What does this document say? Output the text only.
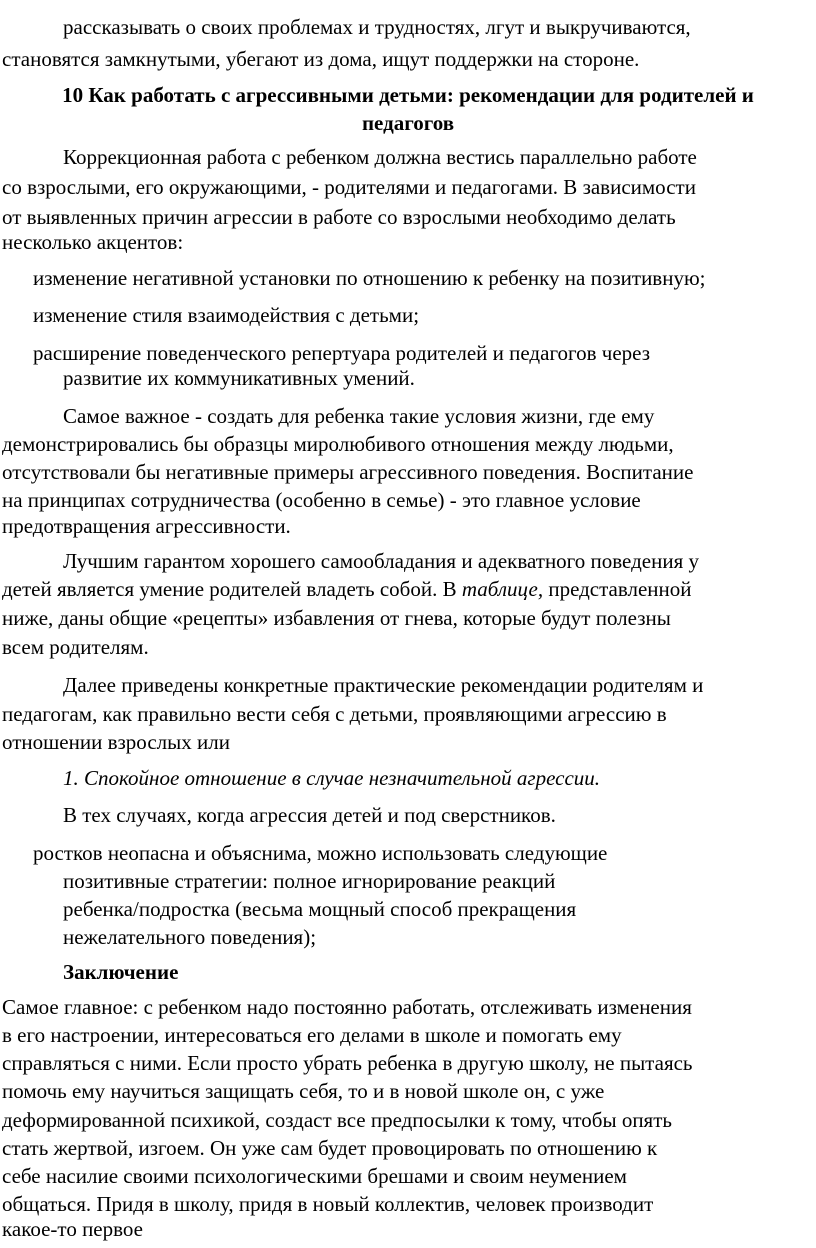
рассказывать о своих проблемах и трудностях, лгут и выкручиваются,
становятся замкнутыми, убегают из дома, ищут поддержки на стороне.
10 Как работать с агрессивными детьми: рекомендации для родителей и
педагогов
Коррекционная работа с ребенком должна вестись параллельно работе
со взрослыми, его окружающими, - родителями и педагогами. В зависимости
от выявленных причин агрессии в работе со взрослыми необходимо делать
несколько акцентов:
изменение негативной установки по отношению к ребенку на позитивную;
изменение стиля взаимодействия с детьми;
расширение поведенческого репертуара родителей и педагогов через
развитие их коммуникативных умений.
Самое важное - создать для ребенка такие условия жизни, где ему
демонстрировались бы образцы миролюбивого отношения между людьми,
отсутствовали бы негативные примеры агрессивного поведения. Воспитание
на принципах сотрудничества (особенно в семье) - это главное условие
предотвращения агрессивности.
Лучшим гарантом хорошего самообладания и адекватного поведения у
детей является умение родителей владеть собой. В таблице, представленной
ниже, даны общие «рецепты» избавления от гнева, которые будут полезны
всем родителям.
Далее приведены конкретные практические рекомендации родителям и
педагогам, как правильно вести себя с детьми, проявляющими агрессию в
отношении взрослых или
1. Спокойное отношение в случае незначительной агрессии.
В тех случаях, когда агрессия детей и под сверстников.
ростков неопасна и объяснима, можно использовать следующие
позитивные стратегии: полное игнорирование реакций
ребенка/подростка (весьма мощный способ прекращения
нежелательного поведения);
Заключение
Самое главное: с ребенком надо постоянно работать, отслеживать изменения
в его настроении, интересоваться его делами в школе и помогать ему
справляться с ними. Если просто убрать ребенка в другую школу, не пытаясь
помочь ему научиться защищать себя, то и в новой школе он, с уже
деформированной психикой, создаст все предпосылки к тому, чтобы опять
стать жертвой, изгоем. Он уже сам будет провоцировать по отношению к
себе насилие своими психологическими брешами и своим неумением
общаться. Придя в школу, придя в новый коллектив, человек производит
какое-то первое
